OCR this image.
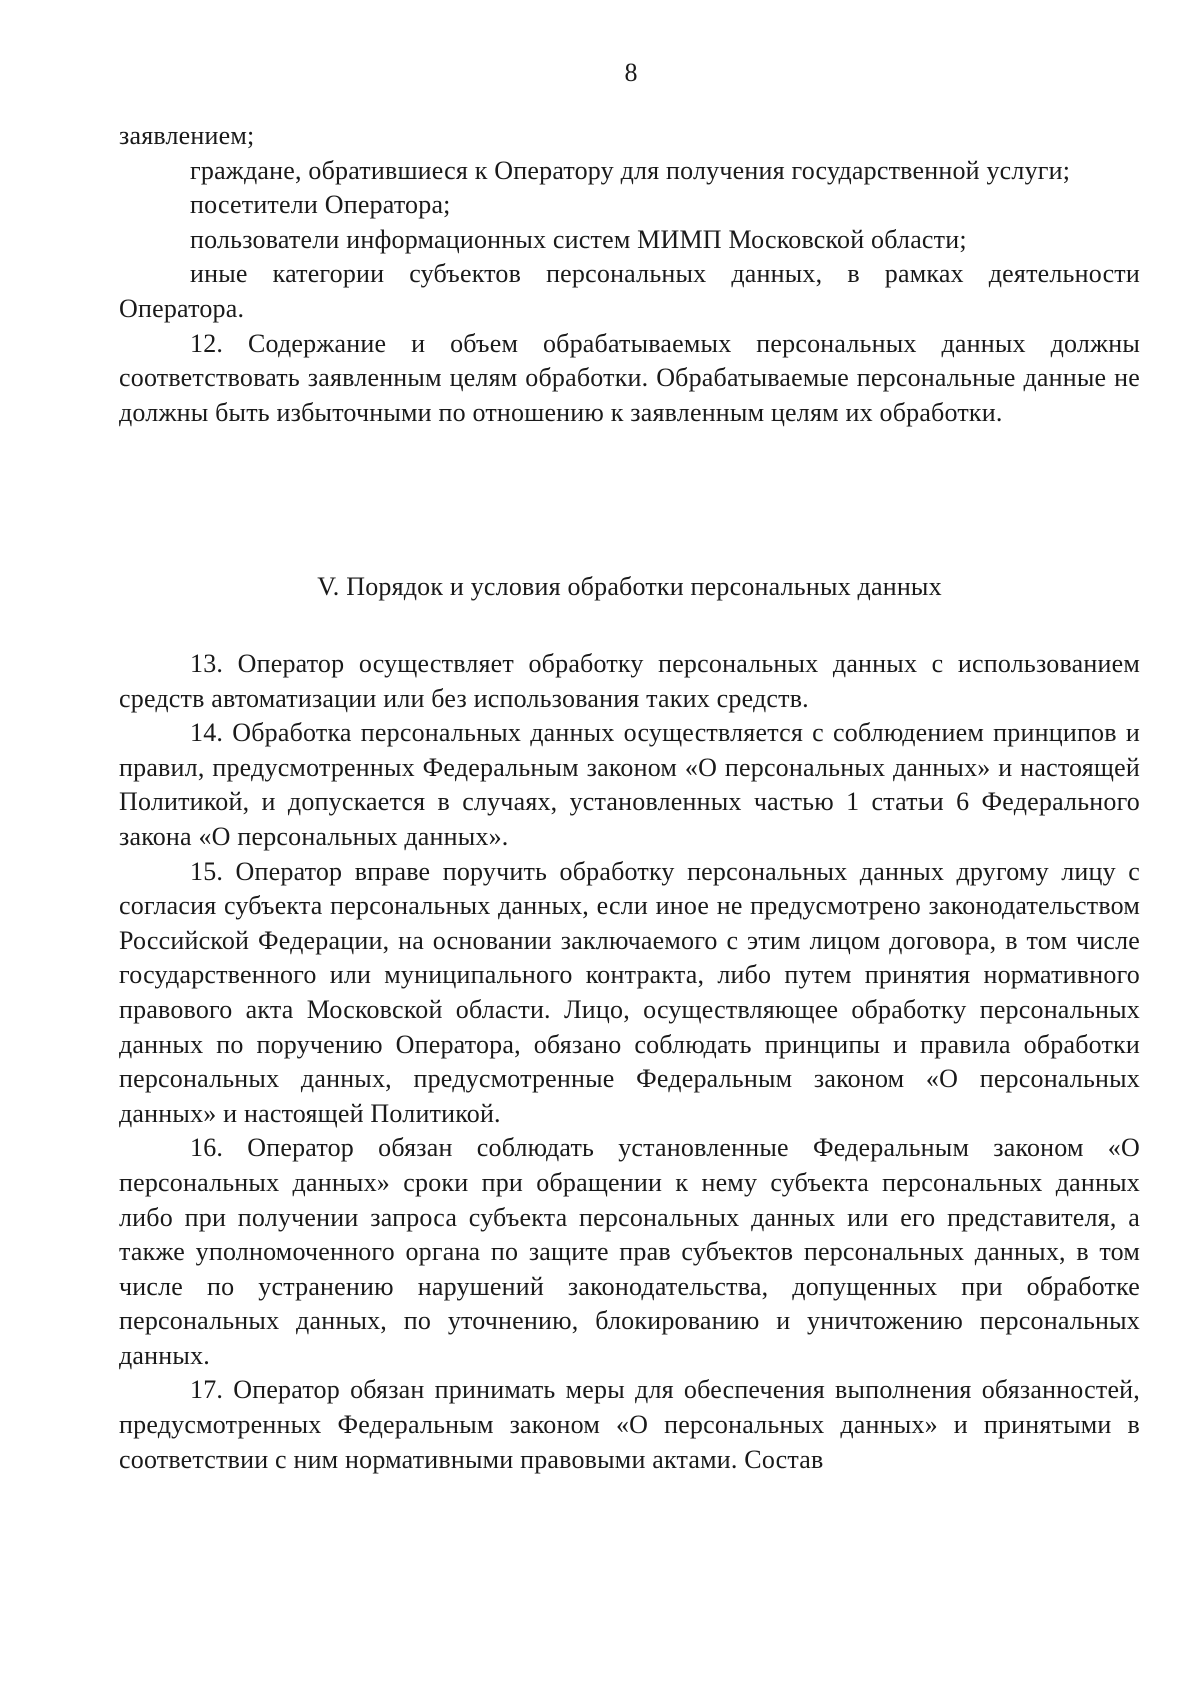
8

заявлением;

граждане, обратившиеся к Оператору для получения государственной услуги;

посетители Оператора;

пользователи информационных систем МИМП Московской области;

иные категории субъектов персональных данных, в рамках деятельности Оператора.

12. Содержание и объем обрабатываемых персональных данных должны соответствовать заявленным целям обработки. Обрабатываемые персональные данные не должны быть избыточными по отношению к заявленным целям их обработки.

V. Порядок и условия обработки персональных данных

13. Оператор осуществляет обработку персональных данных с использованием средств автоматизации или без использования таких средств.

14. Обработка персональных данных осуществляется с соблюдением принципов и правил, предусмотренных Федеральным законом «О персональных данных» и настоящей Политикой, и допускается в случаях, установленных частью 1 статьи 6 Федерального закона «О персональных данных».

15. Оператор вправе поручить обработку персональных данных другому лицу с согласия субъекта персональных данных, если иное не предусмотрено законодательством Российской Федерации, на основании заключаемого с этим лицом договора, в том числе государственного или муниципального контракта, либо путем принятия нормативного правового акта Московской области. Лицо, осуществляющее обработку персональных данных по поручению Оператора, обязано соблюдать принципы и правила обработки персональных данных, предусмотренные Федеральным законом «О персональных данных» и настоящей Политикой.

16. Оператор обязан соблюдать установленные Федеральным законом «О персональных данных» сроки при обращении к нему субъекта персональных данных либо при получении запроса субъекта персональных данных или его представителя, а также уполномоченного органа по защите прав субъектов персональных данных, в том числе по устранению нарушений законодательства, допущенных при обработке персональных данных, по уточнению, блокированию и уничтожению персональных данных.

17. Оператор обязан принимать меры для обеспечения выполнения обязанностей, предусмотренных Федеральным законом «О персональных данных» и принятыми в соответствии с ним нормативными правовыми актами. Состав
